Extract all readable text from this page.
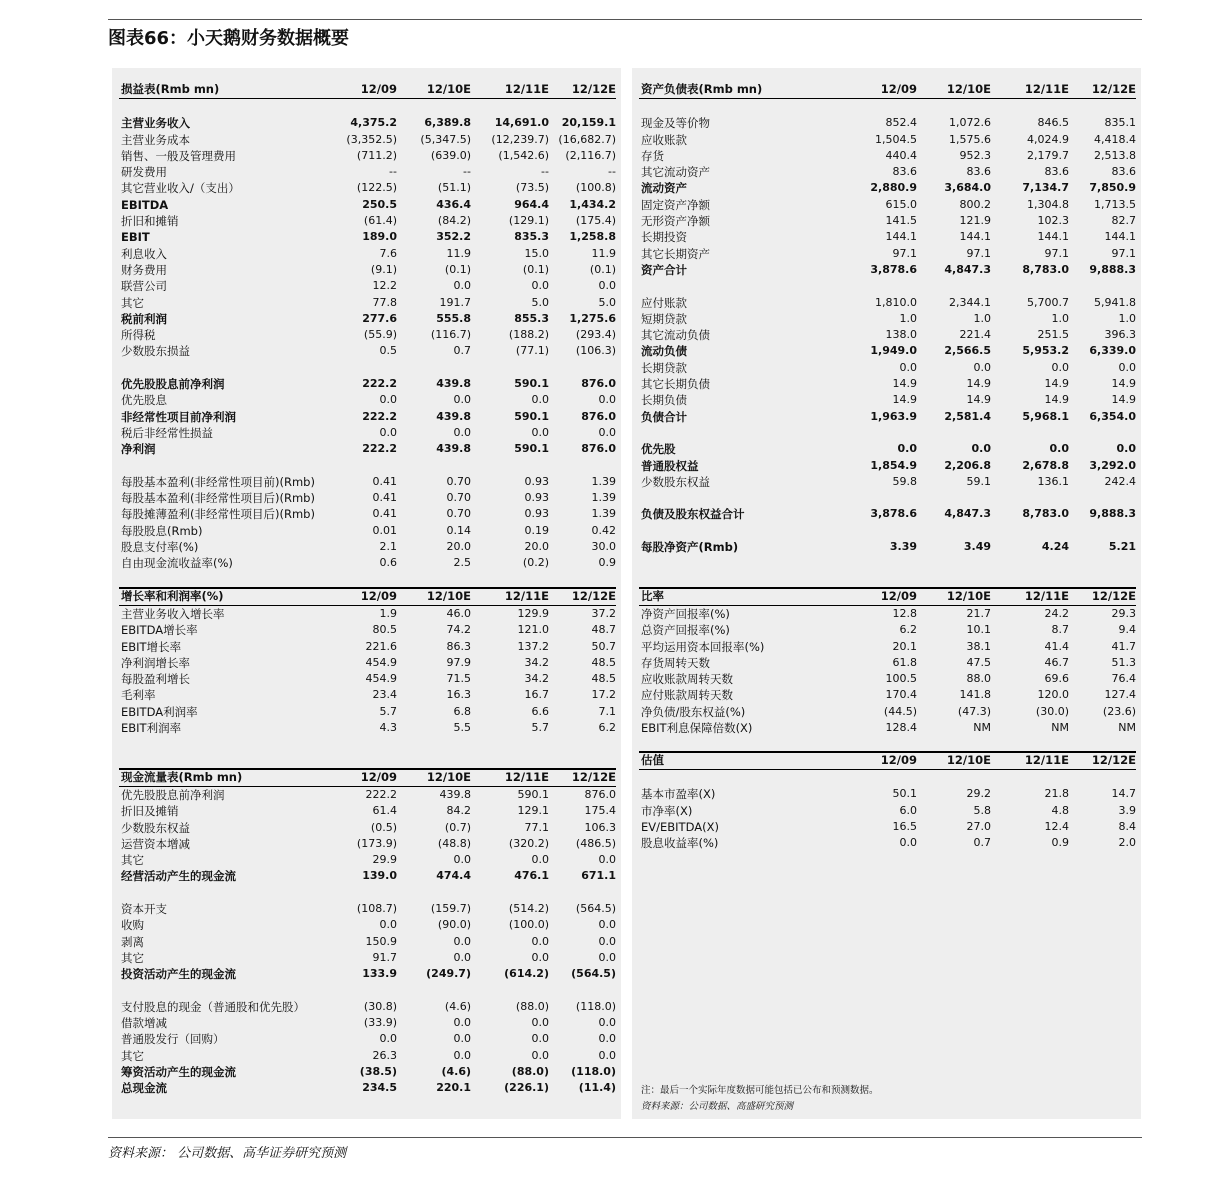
图表66：小天鹅财务数据概要
损益表(Rmb mn)	12/09	12/10E	12/11E	12/12E
主营业务收入	4,375.2	6,389.8	14,691.0	20,159.1
主营业务成本	(3,352.5)	(5,347.5)	(12,239.7) (16,682.7)
销售、一般及管理费用	(711.2)	(639.0)	(1,542.6)	(2,116.7)
研发费用	--	--	--	--
其它营业收入/（支出）	(122.5)	(51.1)	(73.5)	(100.8)
EBITDA	250.5	436.4	964.4	1,434.2
折旧和摊销	(61.4)	(84.2)	(129.1)	(175.4)
EBIT	189.0	352.2	835.3	1,258.8
利息收入	7.6	11.9	15.0	11.9
财务费用	(9.1)	(0.1)	(0.1)	(0.1)
联营公司	12.2	0.0	0.0	0.0
其它	77.8	191.7	5.0	5.0
税前利润	277.6	555.8	855.3	1,275.6
所得税	(55.9)	(116.7)	(188.2)	(293.4)
少数股东损益	0.5	0.7	(77.1)	(106.3)
优先股股息前净利润	222.2	439.8	590.1	876.0
优先股息	0.0	0.0	0.0	0.0
非经常性项目前净利润	222.2	439.8	590.1	876.0
税后非经常性损益	0.0	0.0	0.0	0.0
净利润	222.2	439.8	590.1	876.0
每股基本盈利(非经常性项目前)(Rmb)	0.41	0.70	0.93	1.39
每股基本盈利(非经常性项目后)(Rmb)	0.41	0.70	0.93	1.39
每股摊薄盈利(非经常性项目后)(Rmb)	0.41	0.70	0.93	1.39
每股股息(Rmb)	0.01	0.14	0.19	0.42
股息支付率(%)	2.1	20.0	20.0	30.0
自由现金流收益率(%)	0.6	2.5	(0.2)	0.9
增长率和利润率(%)	12/09	12/10E	12/11E	12/12E
主营业务收入增长率	1.9	46.0	129.9	37.2
EBITDA增长率	80.5	74.2	121.0	48.7
EBIT增长率	221.6	86.3	137.2	50.7
净利润增长率	454.9	97.9	34.2	48.5
每股盈利增长	454.9	71.5	34.2	48.5
毛利率	23.4	16.3	16.7	17.2
EBITDA利润率	5.7	6.8	6.6	7.1
EBIT利润率	4.3	5.5	5.7	6.2
现金流量表(Rmb mn)	12/09	12/10E	12/11E	12/12E
优先股股息前净利润	222.2	439.8	590.1	876.0
折旧及摊销	61.4	84.2	129.1	175.4
少数股东权益	(0.5)	(0.7)	77.1	106.3
运营资本增减	(173.9)	(48.8)	(320.2)	(486.5)
其它	29.9	0.0	0.0	0.0
经营活动产生的现金流	139.0	474.4	476.1	671.1
资本开支	(108.7)	(159.7)	(514.2)	(564.5)
收购	0.0	(90.0)	(100.0)	0.0
剥离	150.9	0.0	0.0	0.0
其它	91.7	0.0	0.0	0.0
投资活动产生的现金流	133.9	(249.7)	(614.2)	(564.5)
支付股息的现金（普通股和优先股）	(30.8)	(4.6)	(88.0)	(118.0)
借款增减	(33.9)	0.0	0.0	0.0
普通股发行（回购）	0.0	0.0	0.0	0.0
其它	26.3	0.0	0.0	0.0
筹资活动产生的现金流	(38.5)	(4.6)	(88.0)	(118.0)
总现金流	234.5	220.1	(226.1)	(11.4)
资产负债表(Rmb mn)	12/09	12/10E	12/11E	12/12E
现金及等价物	852.4	1,072.6	846.5	835.1
应收账款	1,504.5	1,575.6	4,024.9	4,418.4
存货	440.4	952.3	2,179.7	2,513.8
其它流动资产	83.6	83.6	83.6	83.6
流动资产	2,880.9	3,684.0	7,134.7	7,850.9
固定资产净额	615.0	800.2	1,304.8	1,713.5
无形资产净额	141.5	121.9	102.3	82.7
长期投资	144.1	144.1	144.1	144.1
其它长期资产	97.1	97.1	97.1	97.1
资产合计	3,878.6	4,847.3	8,783.0	9,888.3
应付账款	1,810.0	2,344.1	5,700.7	5,941.8
短期贷款	1.0	1.0	1.0	1.0
其它流动负债	138.0	221.4	251.5	396.3
流动负债	1,949.0	2,566.5	5,953.2	6,339.0
长期贷款	0.0	0.0	0.0	0.0
其它长期负债	14.9	14.9	14.9	14.9
长期负债	14.9	14.9	14.9	14.9
负债合计	1,963.9	2,581.4	5,968.1	6,354.0
优先股	0.0	0.0	0.0	0.0
普通股权益	1,854.9	2,206.8	2,678.8	3,292.0
少数股东权益	59.8	59.1	136.1	242.4
负债及股东权益合计	3,878.6	4,847.3	8,783.0	9,888.3
每股净资产(Rmb)	3.39	3.49	4.24	5.21
比率	12/09	12/10E	12/11E	12/12E
净资产回报率(%)	12.8	21.7	24.2	29.3
总资产回报率(%)	6.2	10.1	8.7	9.4
平均运用资本回报率(%)	20.1	38.1	41.4	41.7
存货周转天数	61.8	47.5	46.7	51.3
应收账款周转天数	100.5	88.0	69.6	76.4
应付账款周转天数	170.4	141.8	120.0	127.4
净负债/股东权益(%)	(44.5)	(47.3)	(30.0)	(23.6)
EBIT利息保障倍数(X)	128.4	NM	NM	NM
估值	12/09	12/10E	12/11E	12/12E
基本市盈率(X)	50.1	29.2	21.8	14.7
市净率(X)	6.0	5.8	4.8	3.9
EV/EBITDA(X)	16.5	27.0	12.4	8.4
股息收益率(%)	0.0	0.7	0.9	2.0
注：最后一个实际年度数据可能包括已公布和预测数据。
资料来源：公司数据、高盛研究预测
资料来源： 公司数据、高华证券研究预测
